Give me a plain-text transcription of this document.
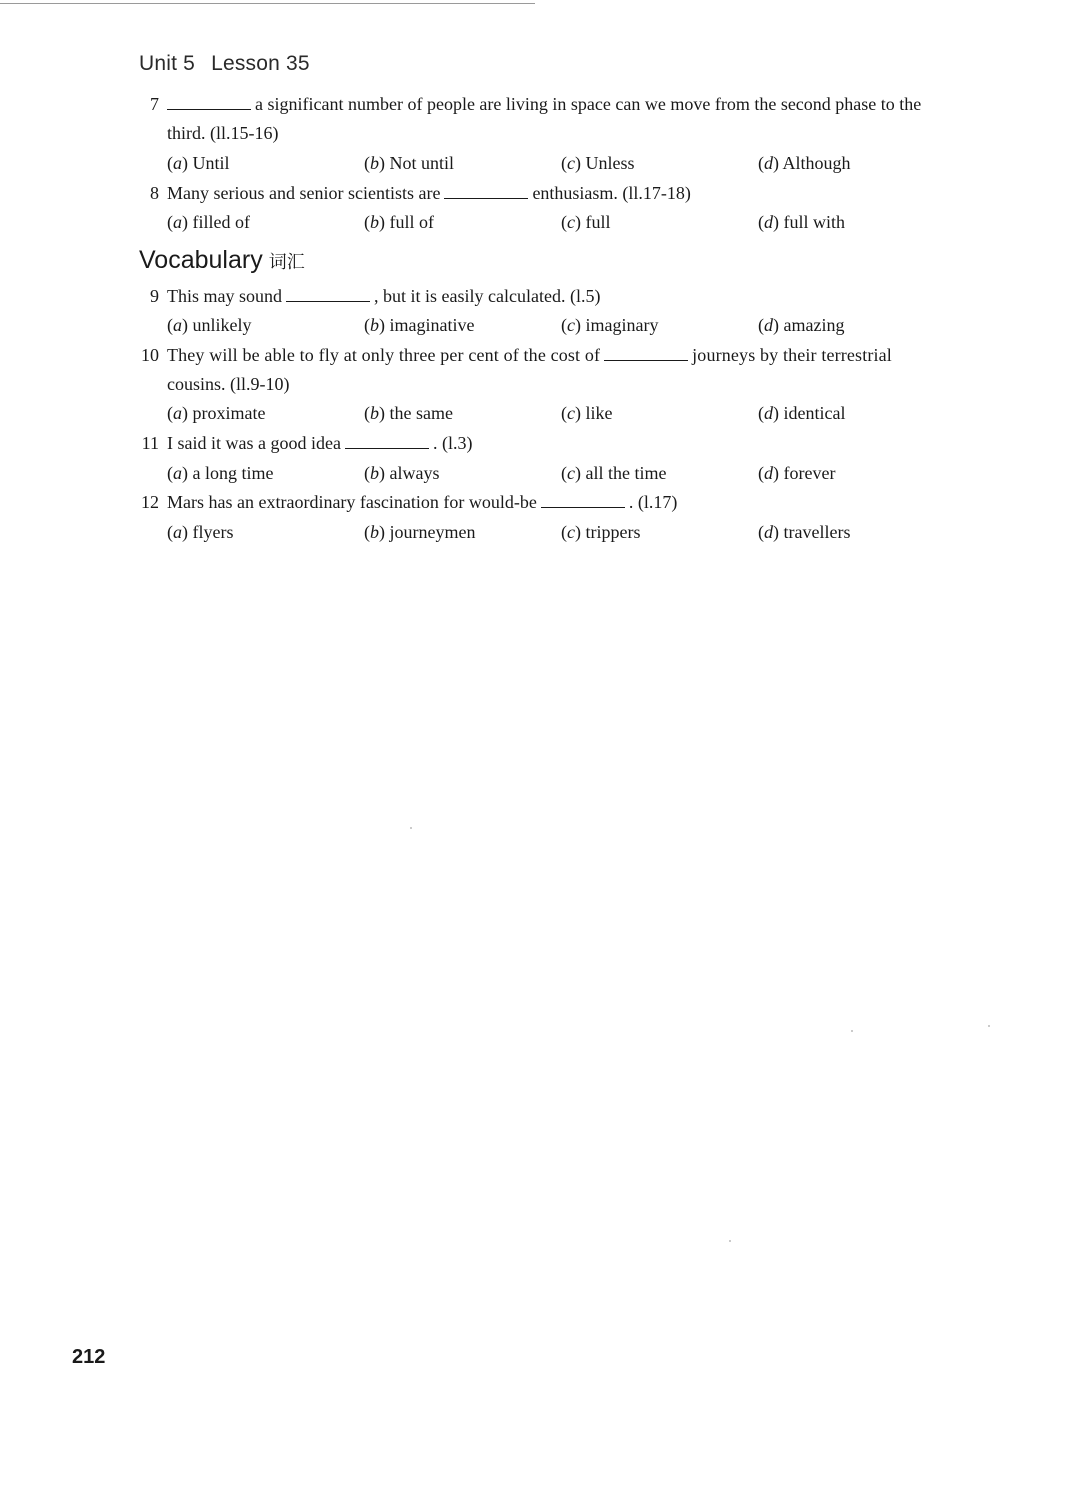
Unit 5 Lesson 35
7	a significant number of people are living in space can we move from the second phase to the
third. (ll.15-16)
(a) Until	(b) Not until	(c) Unless	(d) Although
8 Many serious and senior scientists are	enthusiasm. (ll.17-18)
(a) filled of	(b) full of	(c) full	(d) full with
Vocabulary 词汇
9 This may sound	, but it is easily calculated. (l.5)
(a) unlikely	(b) imaginative	(c) imaginary	(d) amazing
10 They will be able to fly at only three per cent of the cost of	journeys by their terrestrial
cousins. (ll.9-10)
(a) proximate	(b) the same	(c) like	(d) identical
11 I said it was a good idea	. (l.3)
(a) a long time	(b) always	(c) all the time	(d) forever
12 Mars has an extraordinary fascination for would-be	. (l.17)
(a) flyers	(b) journeymen	(c) trippers	(d) travellers
212
